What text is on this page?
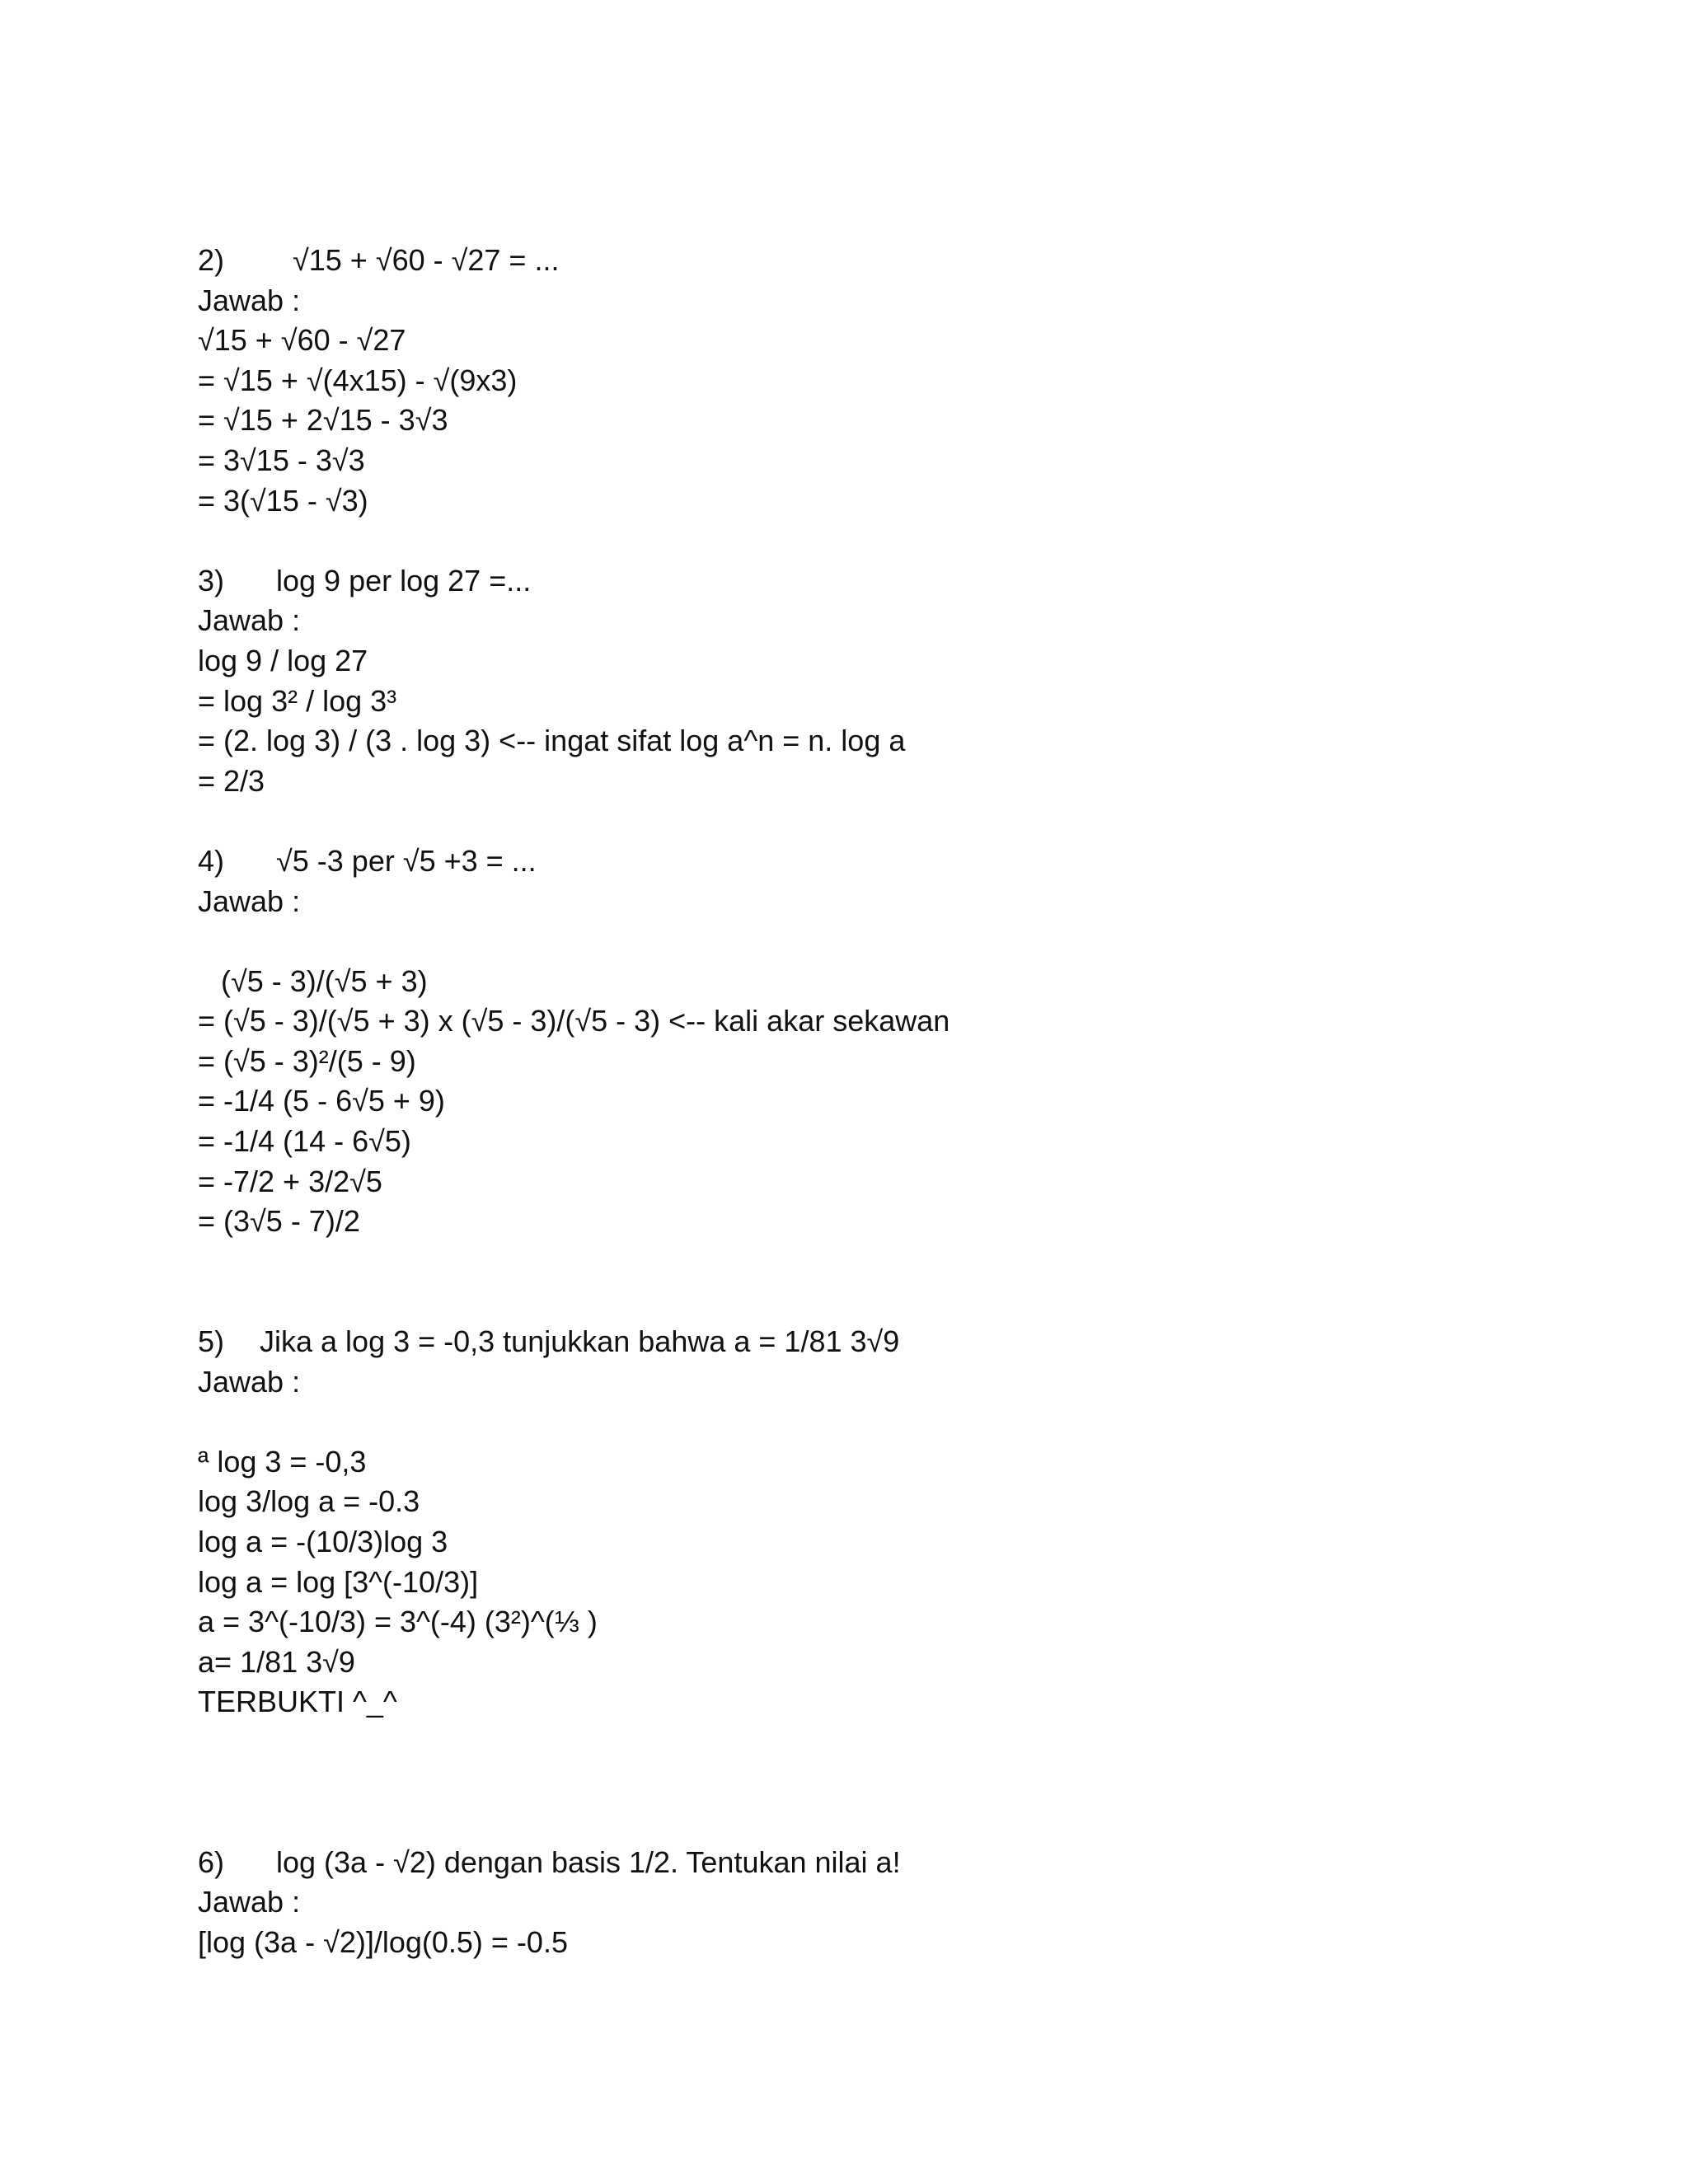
2)	√15 + √60 - √27 = ...
Jawab :
√15 + √60 - √27
= √15 + √(4x15) - √(9x3)
= √15 + 2√15 - 3√3
= 3√15 - 3√3
= 3(√15 - √3)
3)	log 9 per log 27 =...
Jawab :
log 9 / log 27
= log 3² / log 3³
= (2. log 3) / (3 . log 3) <-- ingat sifat log a^n = n. log a
= 2/3
4)	√5 -3 per √5 +3 = ...
Jawab :
(√5 - 3)/(√5 + 3)
= (√5 - 3)/(√5 + 3) x (√5 - 3)/(√5 - 3) <-- kali akar sekawan
= (√5 - 3)²/(5 - 9)
= -1/4 (5 - 6√5 + 9)
= -1/4 (14 - 6√5)
= -7/2 + 3/2√5
= (3√5 - 7)/2
5)	Jika a log 3 = -0,3 tunjukkan bahwa a = 1/81 3√9
Jawab :
ª log 3 = -0,3
log 3/log a = -0.3
log a = -(10/3)log 3
log a = log [3^(-10/3)]
a = 3^(-10/3) = 3^(-4) (3²)^(⅓ )
a= 1/81 3√9
TERBUKTI ^_^
6)	log (3a - √2) dengan basis 1/2. Tentukan nilai a!
Jawab :
[log (3a - √2)]/log(0.5) = -0.5
